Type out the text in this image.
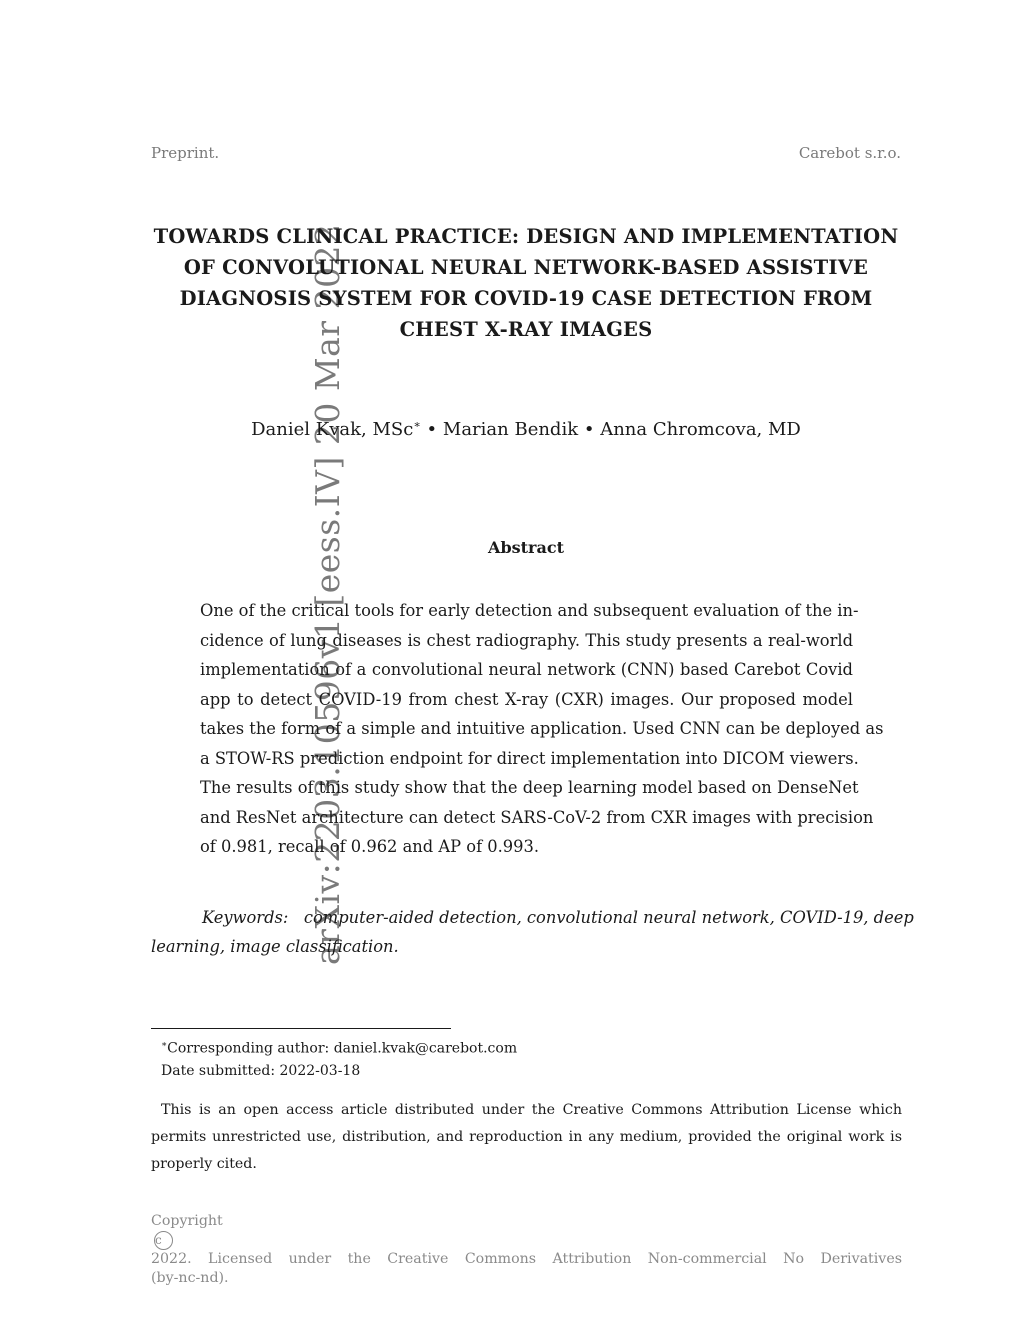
Preprint.	Carebot s.r.o.
arXiv:2203.10596v1 [eess.IV] 20 Mar 2022
TOWARDS CLINICAL PRACTICE: DESIGN AND IMPLEMENTATION
OF CONVOLUTIONAL NEURAL NETWORK-BASED ASSISTIVE
DIAGNOSIS SYSTEM FOR COVID-19 CASE DETECTION FROM
CHEST X-RAY IMAGES
Daniel Kvak, MSc∗ • Marian Bendik • Anna Chromcova, MD
Abstract
One of the critical tools for early detection and subsequent evaluation of the in-
cidence of lung diseases is chest radiography. This study presents a real-world
implementation of a convolutional neural network (CNN) based Carebot Covid
app to detect COVID-19 from chest X-ray (CXR) images. Our proposed model
takes the form of a simple and intuitive application. Used CNN can be deployed as
a STOW-RS prediction endpoint for direct implementation into DICOM viewers.
The results of this study show that the deep learning model based on DenseNet
and ResNet architecture can detect SARS-CoV-2 from CXR images with precision
of 0.981, recall of 0.962 and AP of 0.993.
Keywords: computer-aided detection, convolutional neural network, COVID-19, deep
learning, image classification.
∗Corresponding author: daniel.kvak@carebot.com
Date submitted: 2022-03-18
This is an open access article distributed under the Creative Commons Attribution License which
permits unrestricted use, distribution, and reproduction in any medium, provided the original work is
properly cited.
Copyright
c
2022. Licensed under the Creative Commons Attribution Non-commercial No Derivatives
(by-nc-nd).
